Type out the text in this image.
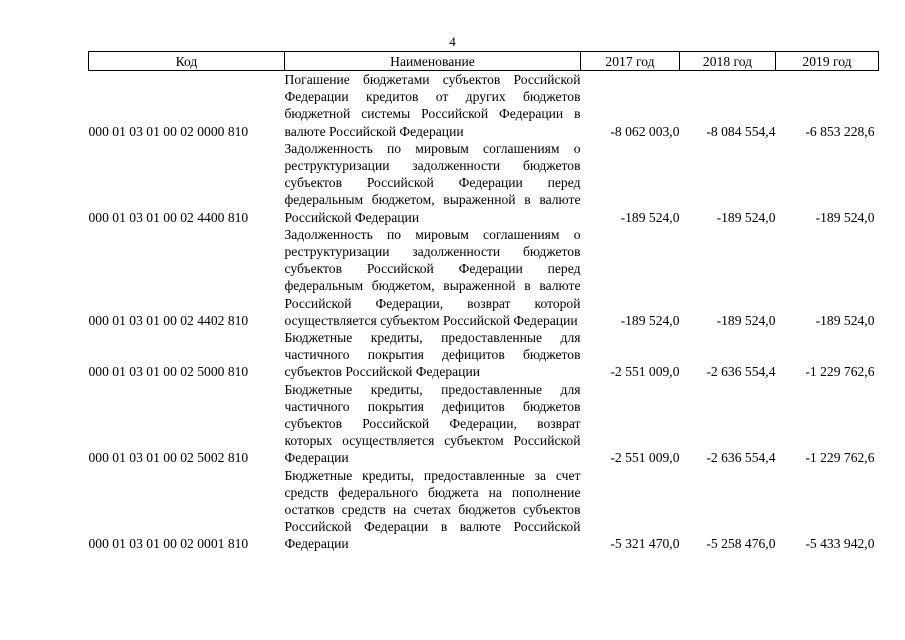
4
Код	Наименование	2017 год	2018 год	2019 год
000 01 03 01 00 02 0000 810	Погашение бюджетами субъектов Российской Федерации кредитов от других бюджетов бюджетной системы Российской Федерации в валюте Российской Федерации	-8 062 003,0	-8 084 554,4	-6 853 228,6
000 01 03 01 00 02 4400 810	Задолженность по мировым соглашениям о реструктуризации задолженности бюджетов субъектов Российской Федерации перед федеральным бюджетом, выраженной в валюте Российской Федерации	-189 524,0	-189 524,0	-189 524,0
000 01 03 01 00 02 4402 810	Задолженность по мировым соглашениям о реструктуризации задолженности бюджетов субъектов Российской Федерации перед федеральным бюджетом, выраженной в валюте Российской Федерации, возврат которой осуществляется субъектом Российской Федерации	-189 524,0	-189 524,0	-189 524,0
000 01 03 01 00 02 5000 810	Бюджетные кредиты, предоставленные для частичного покрытия дефицитов бюджетов субъектов Российской Федерации	-2 551 009,0	-2 636 554,4	-1 229 762,6
000 01 03 01 00 02 5002 810	Бюджетные кредиты, предоставленные для частичного покрытия дефицитов бюджетов субъектов Российской Федерации, возврат которых осуществляется субъектом Российской Федерации	-2 551 009,0	-2 636 554,4	-1 229 762,6
000 01 03 01 00 02 0001 810	Бюджетные кредиты, предоставленные за счет средств федерального бюджета на пополнение остатков средств на счетах бюджетов субъектов Российской Федерации в валюте Российской Федерации	-5 321 470,0	-5 258 476,0	-5 433 942,0
